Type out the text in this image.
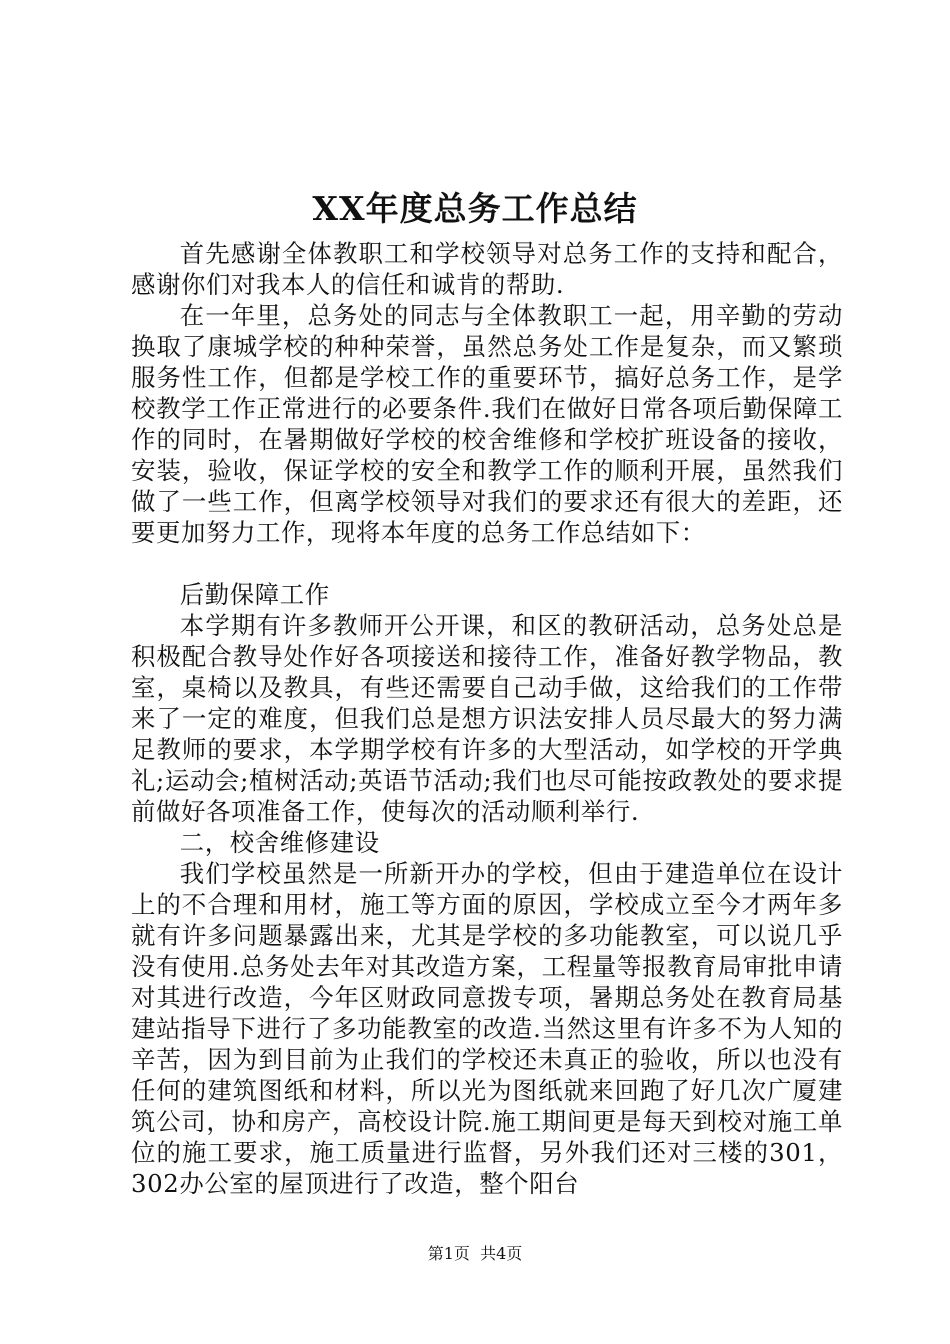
XX年度总务工作总结

首先感谢全体教职工和学校领导对总务工作的支持和配合，感谢你们对我本人的信任和诚肯的帮助.

在一年里，总务处的同志与全体教职工一起，用辛勤的劳动换取了康城学校的种种荣誉，虽然总务处工作是复杂，而又繁琐服务性工作，但都是学校工作的重要环节，搞好总务工作，是学校教学工作正常进行的必要条件.我们在做好日常各项后勤保障工作的同时，在暑期做好学校的校舍维修和学校扩班设备的接收，安装，验收，保证学校的安全和教学工作的顺利开展，虽然我们做了一些工作，但离学校领导对我们的要求还有很大的差距，还要更加努力工作，现将本年度的总务工作总结如下：

后勤保障工作

本学期有许多教师开公开课，和区的教研活动，总务处总是积极配合教导处作好各项接送和接待工作，准备好教学物品，教室，桌椅以及教具，有些还需要自己动手做，这给我们的工作带来了一定的难度，但我们总是想方识法安排人员尽最大的努力满足教师的要求，本学期学校有许多的大型活动，如学校的开学典礼;运动会;植树活动;英语节活动;我们也尽可能按政教处的要求提前做好各项准备工作，使每次的活动顺利举行.

二，校舍维修建设

我们学校虽然是一所新开办的学校，但由于建造单位在设计上的不合理和用材，施工等方面的原因，学校成立至今才两年多就有许多问题暴露出来，尤其是学校的多功能教室，可以说几乎没有使用.总务处去年对其改造方案，工程量等报教育局审批申请对其进行改造，今年区财政同意拨专项，暑期总务处在教育局基建站指导下进行了多功能教室的改造.当然这里有许多不为人知的辛苦，因为到目前为止我们的学校还未真正的验收，所以也没有任何的建筑图纸和材料，所以光为图纸就来回跑了好几次广厦建筑公司，协和房产，高校设计院.施工期间更是每天到校对施工单位的施工要求，施工质量进行监督，另外我们还对三楼的301，302办公室的屋顶进行了改造，整个阳台

第1页 共4页
